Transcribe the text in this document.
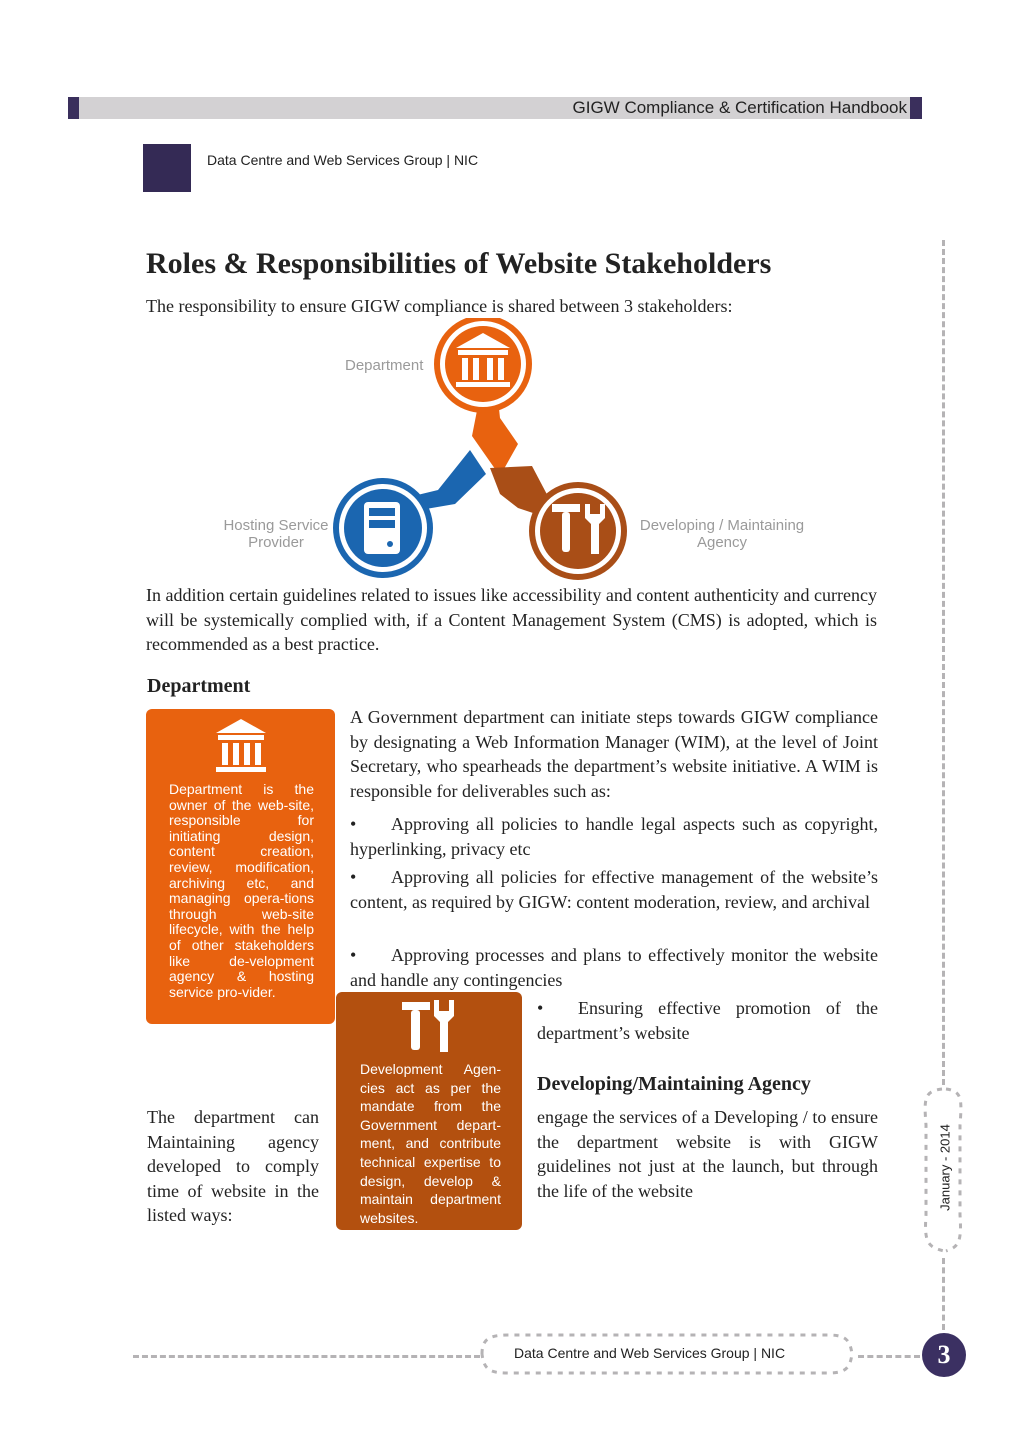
GIGW Compliance & Certification Handbook
Data Centre and Web Services Group | NIC
January - 2014
Roles & Responsibilities of Website Stakeholders
The responsibility to ensure GIGW compliance is shared between 3 stakeholders:
Department
Hosting Service
Provider
Developing / Maintaining
Agency

In addition certain guidelines related to issues like accessibility and content authenticity and currency will be systemically complied with, if a Content Management System (CMS) is adopted, which is recommended as a best practice.

Department
Department is the owner of the web-site, responsible for initiating design, content creation, review, modification, archiving etc, and managing opera-tions through web-site lifecycle, with the help of other stakeholders like de-velopment agency & hosting service pro-vider.

A Government department can initiate steps towards GIGW compliance by designating a Web Information Manager (WIM), at the level of Joint Secretary, who spearheads the department’s website initiative. A WIM is responsible for deliverables such as:

• Approving all policies to handle legal aspects such as copyright, hyperlinking, privacy etc
• Approving all policies for effective management of the website’s content, as required by GIGW: content moderation, review, and archival
• Approving processes and plans to effectively monitor the website and handle any contingencies
• Ensuring effective promotion of the department’s website
Development Agen-cies act as per the mandate from the Government depart-ment, and contribute technical expertise to design, develop & maintain department websites.
Developing/Maintaining Agency

The department can Maintaining agency developed to comply time of website in the listed ways:

engage the services of a Developing / to ensure the department website is with GIGW guidelines not just at the launch, but through the life of the website

Data Centre and Web Services Group | NIC	3
